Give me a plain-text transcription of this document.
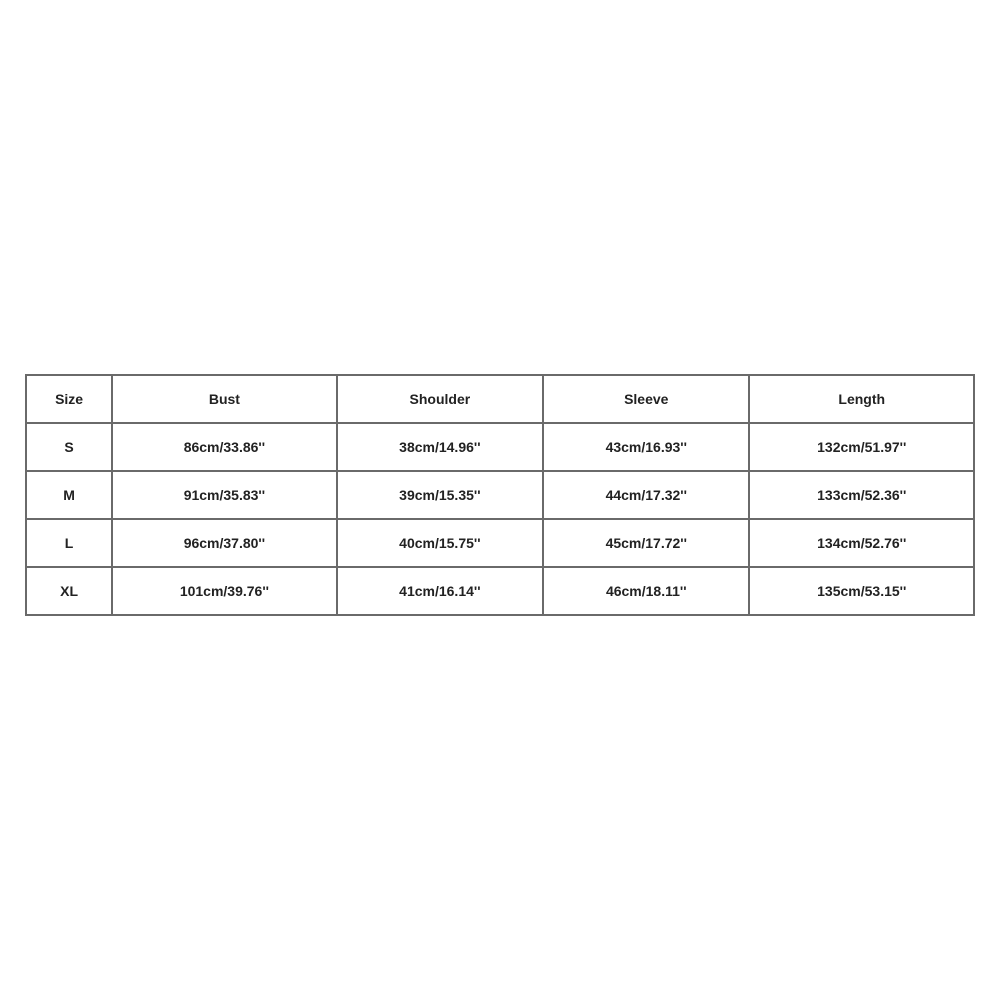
Size	Bust	Shoulder	Sleeve	Length
S	86cm/33.86''	38cm/14.96''	43cm/16.93''	132cm/51.97''
M	91cm/35.83''	39cm/15.35''	44cm/17.32''	133cm/52.36''
L	96cm/37.80''	40cm/15.75''	45cm/17.72''	134cm/52.76''
XL	101cm/39.76''	41cm/16.14''	46cm/18.11''	135cm/53.15''
